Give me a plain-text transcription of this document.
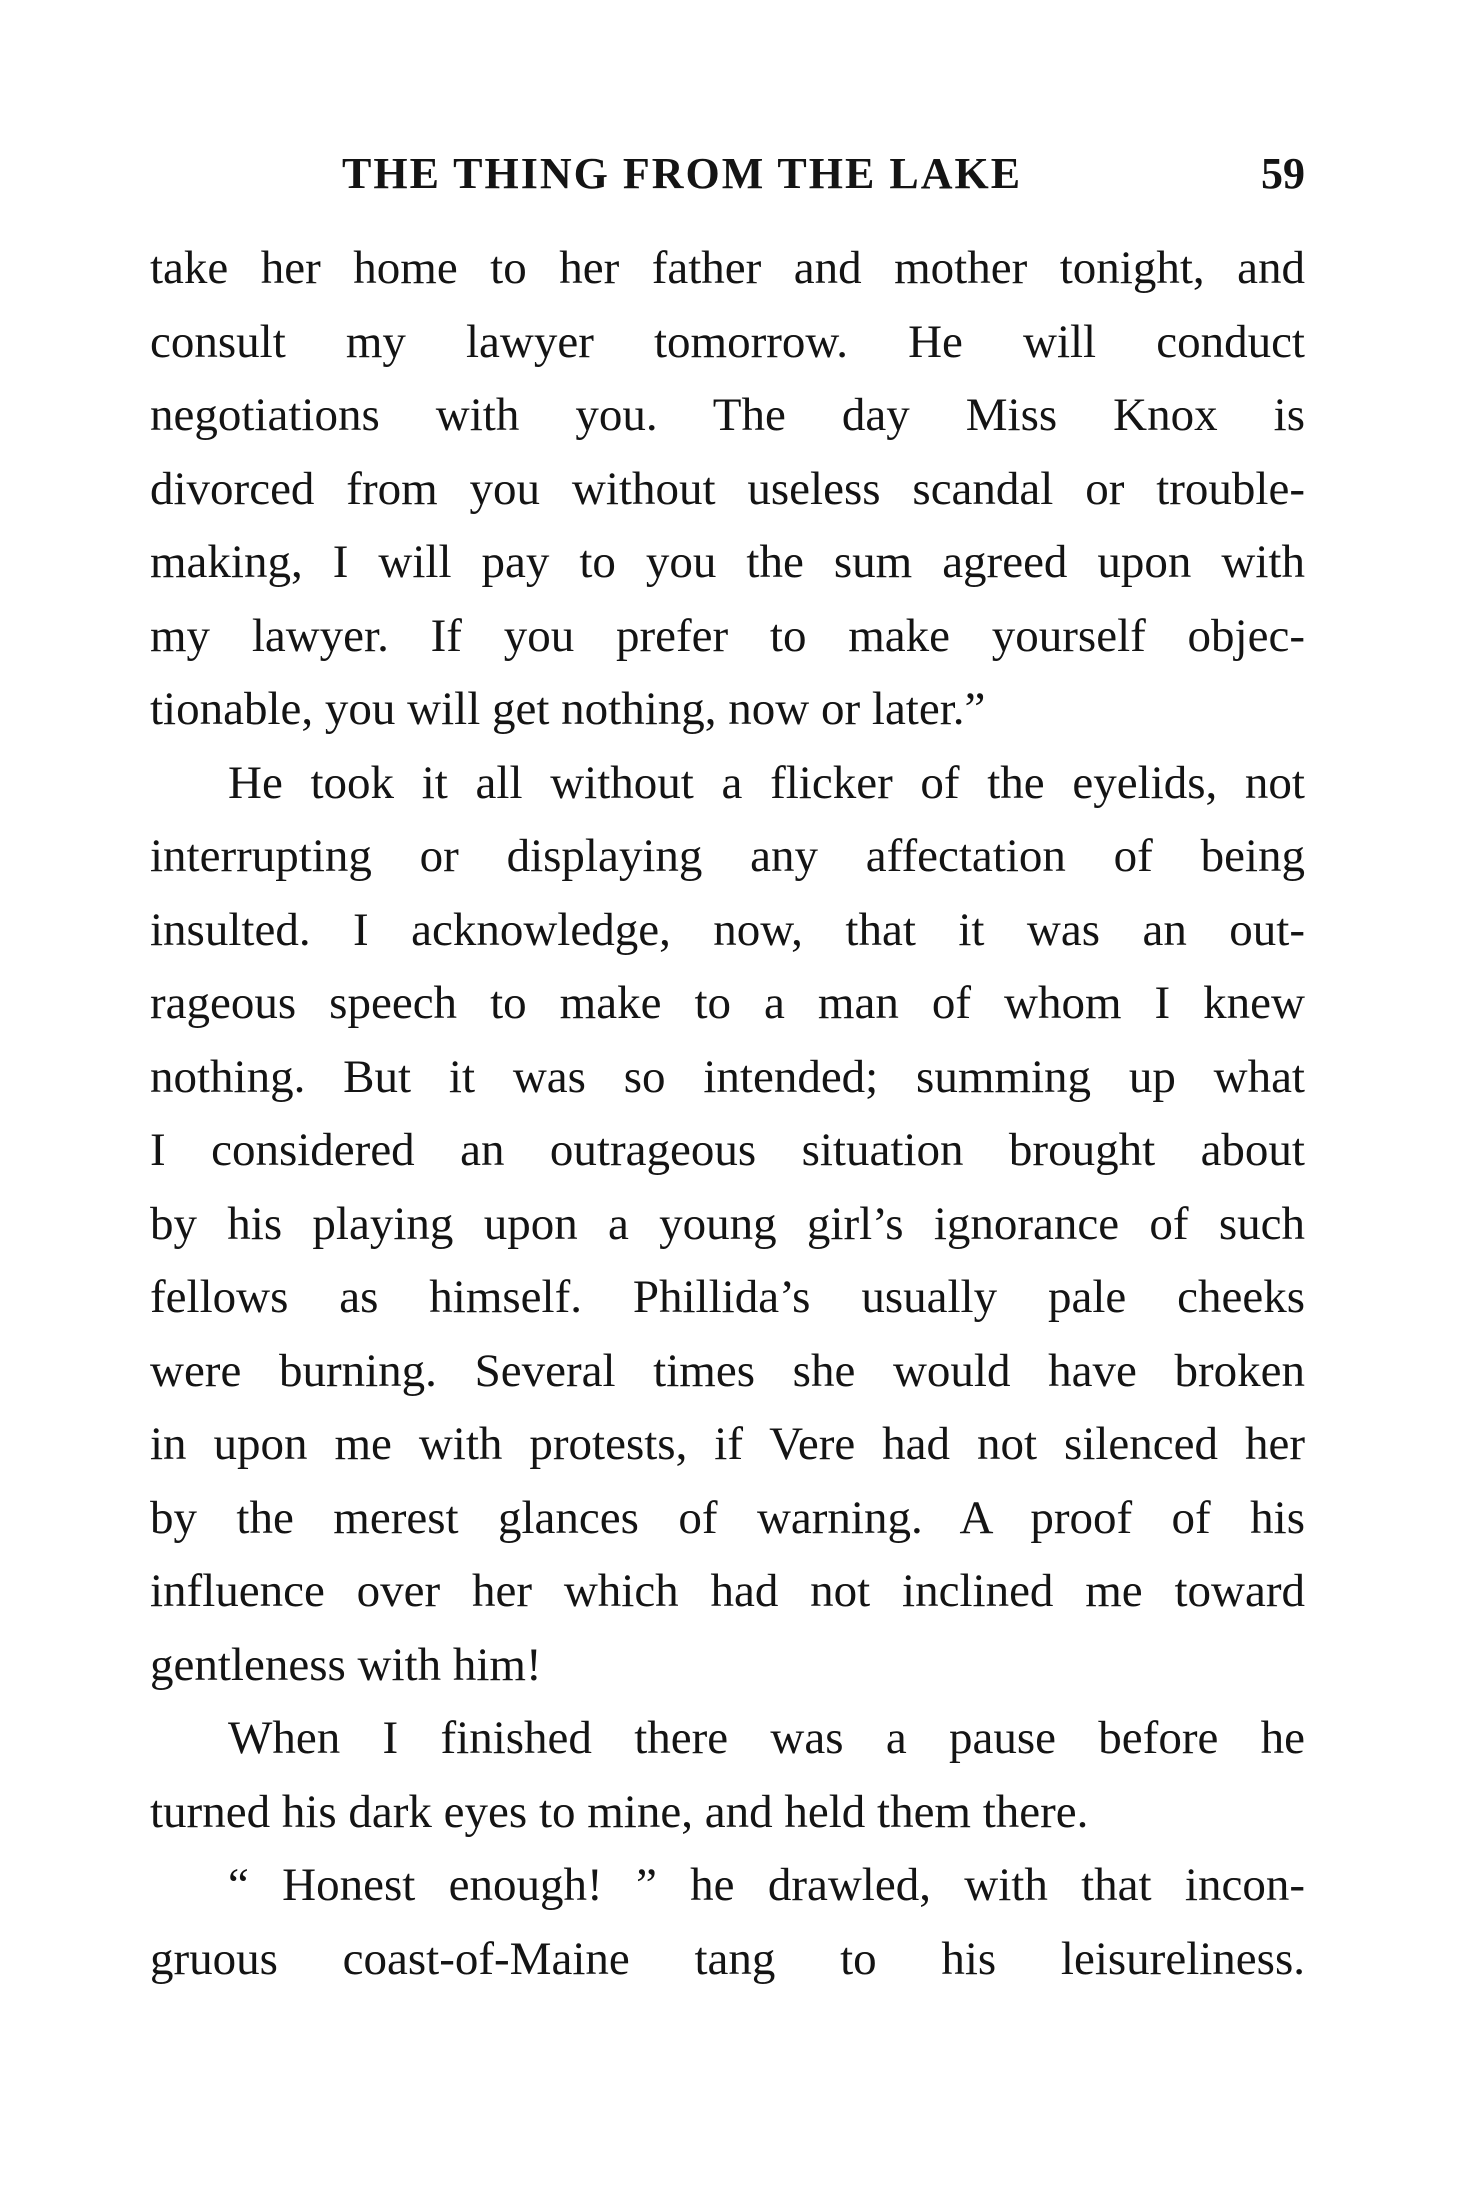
THE THING FROM THE LAKE	59
take her home to her father and mother tonight, and
consult my lawyer tomorrow. He will conduct
negotiations with you. The day Miss Knox is
divorced from you without useless scandal or trouble-
making, I will pay to you the sum agreed upon with
my lawyer. If you prefer to make yourself objec-
tionable, you will get nothing, now or later.”
He took it all without a flicker of the eyelids, not
interrupting or displaying any affectation of being
insulted. I acknowledge, now, that it was an out-
rageous speech to make to a man of whom I knew
nothing. But it was so intended; summing up what
I considered an outrageous situation brought about
by his playing upon a young girl’s ignorance of such
fellows as himself. Phillida’s usually pale cheeks
were burning. Several times she would have broken
in upon me with protests, if Vere had not silenced her
by the merest glances of warning. A proof of his
influence over her which had not inclined me toward
gentleness with him!
When I finished there was a pause before he
turned his dark eyes to mine, and held them there.
“ Honest enough! ” he drawled, with that incon-
gruous coast-of-Maine tang to his leisureliness.
